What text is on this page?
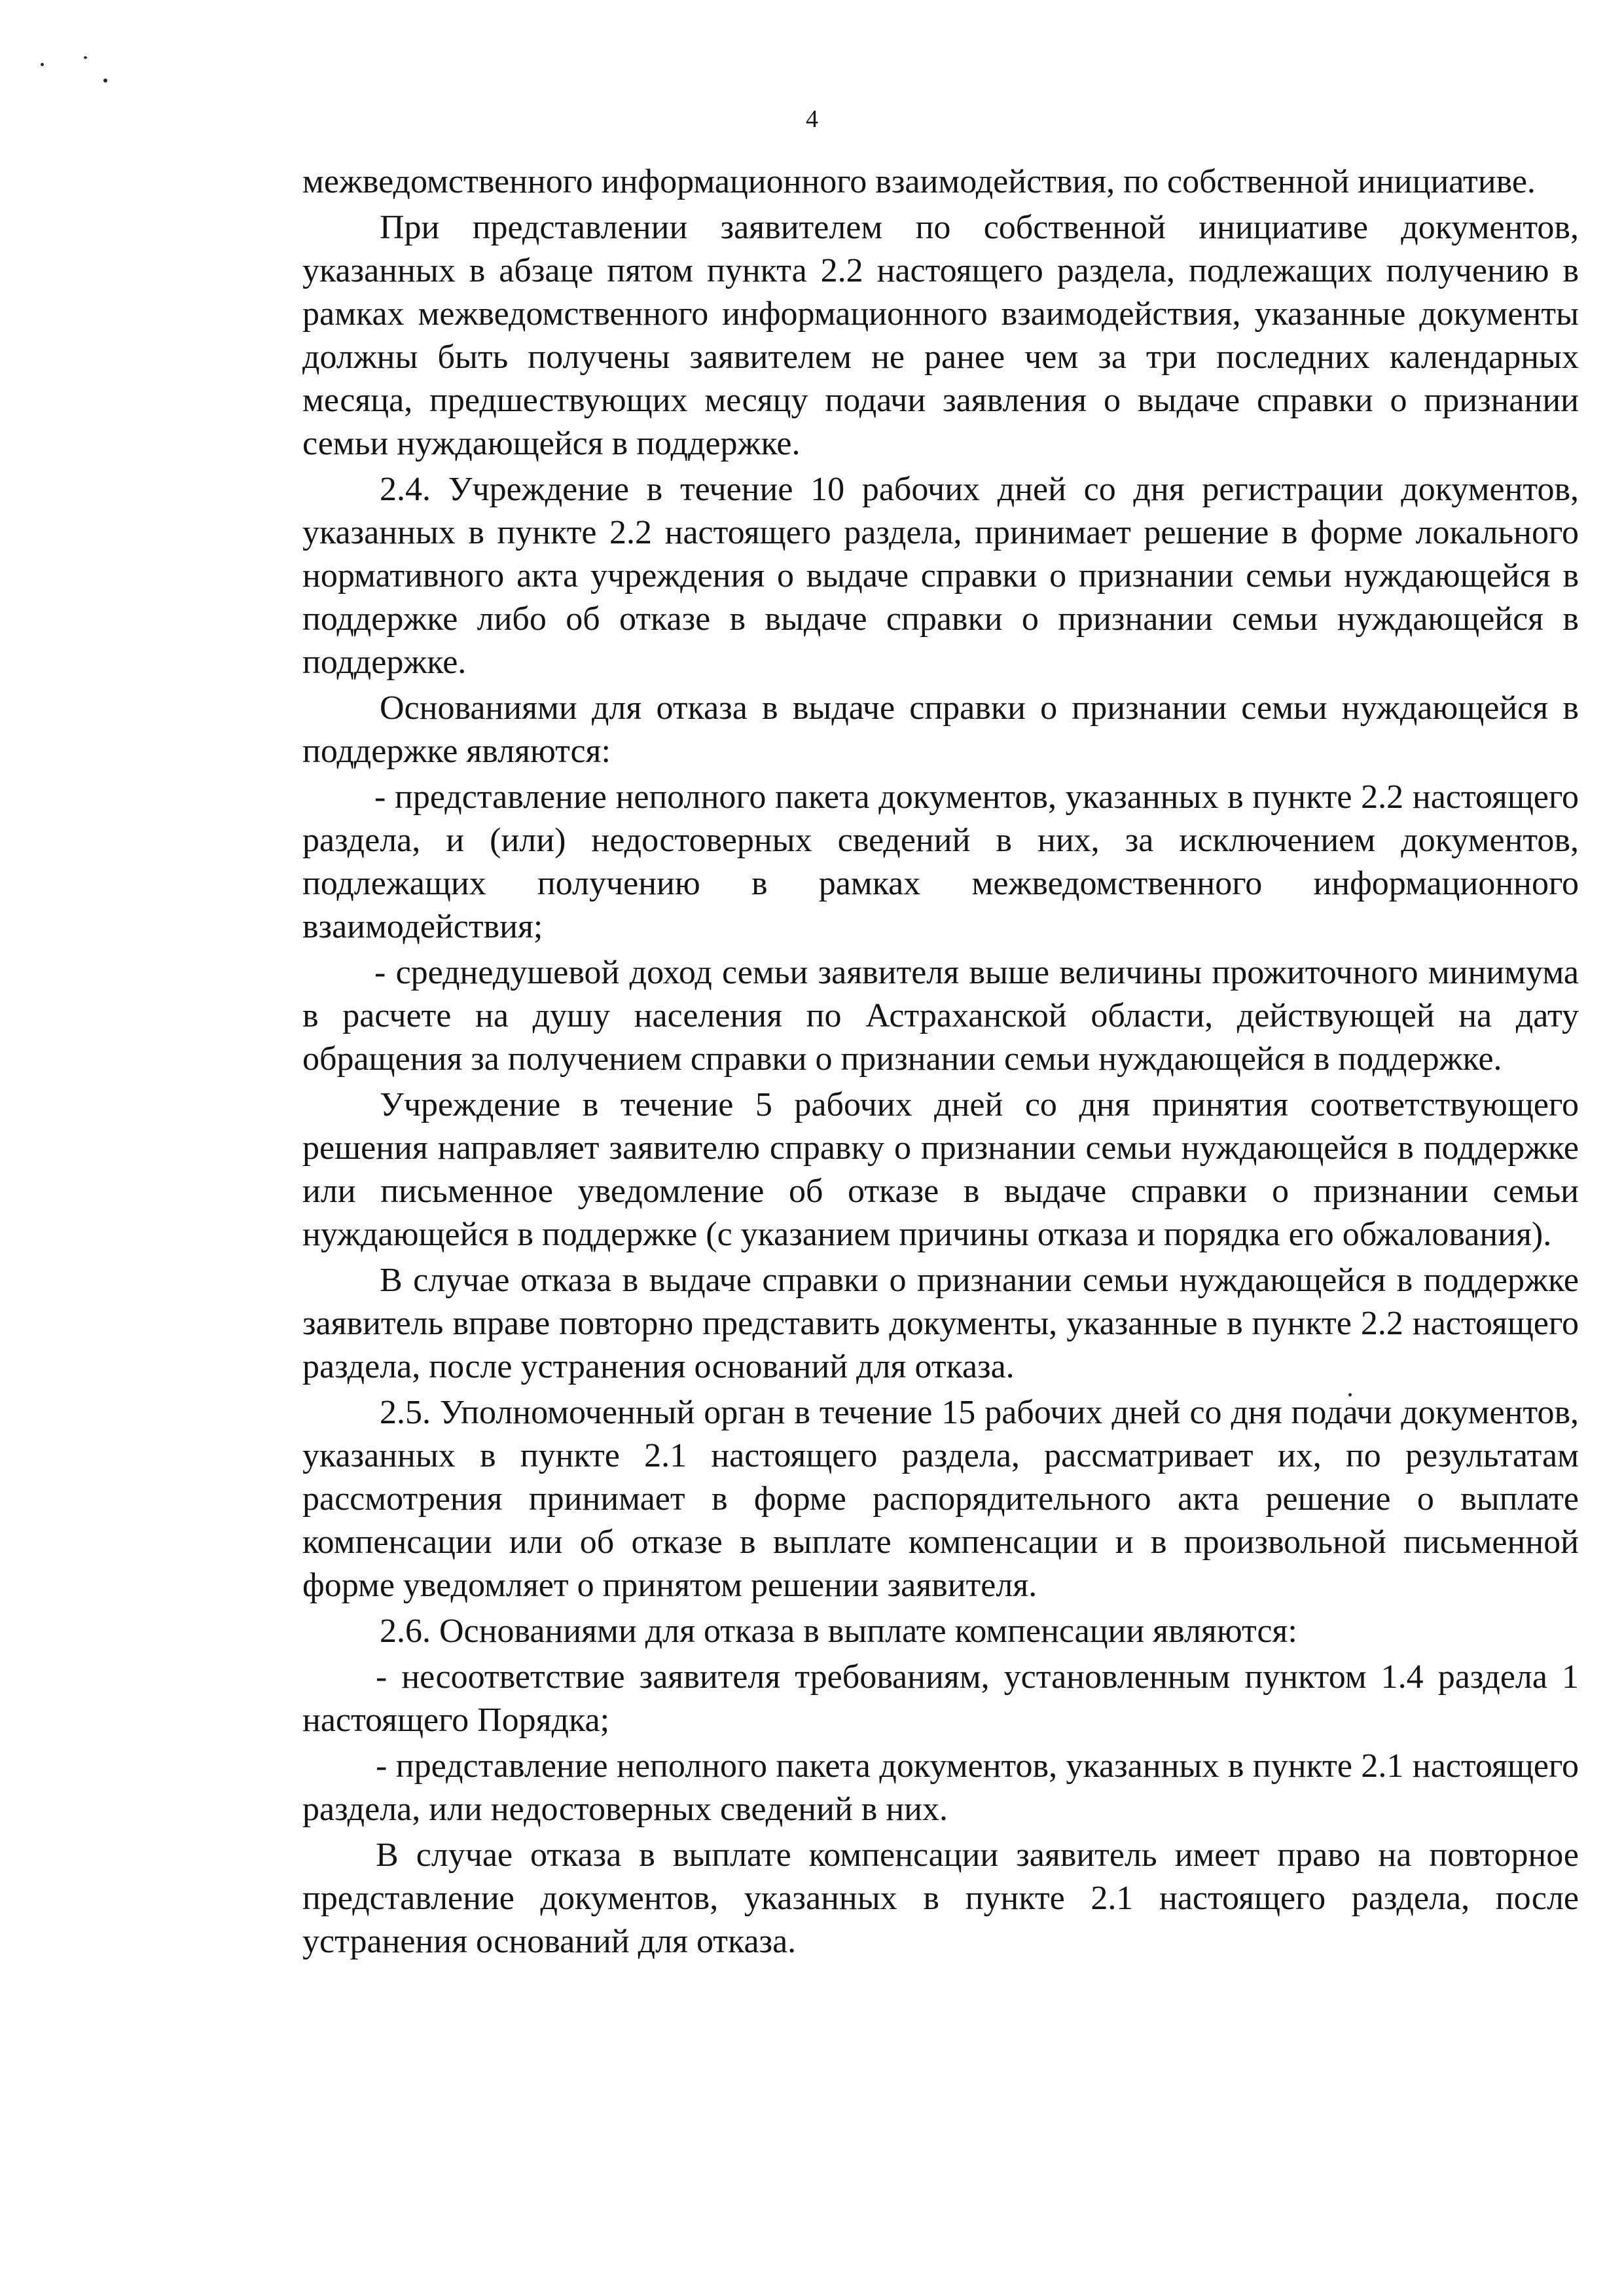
4

межведомственного информационного взаимодействия, по собственной инициативе.

При представлении заявителем по собственной инициативе документов, указанных в абзаце пятом пункта 2.2 настоящего раздела, подлежащих получению в рамках межведомственного информационного взаимодействия, указанные документы должны быть получены заявителем не ранее чем за три последних календарных месяца, предшествующих месяцу подачи заявления о выдаче справки о признании семьи нуждающейся в поддержке.

2.4. Учреждение в течение 10 рабочих дней со дня регистрации документов, указанных в пункте 2.2 настоящего раздела, принимает решение в форме локального нормативного акта учреждения о выдаче справки о признании семьи нуждающейся в поддержке либо об отказе в выдаче справки о признании семьи нуждающейся в поддержке.

Основаниями для отказа в выдаче справки о признании семьи нуждающейся в поддержке являются:

- представление неполного пакета документов, указанных в пункте 2.2 настоящего раздела, и (или) недостоверных сведений в них, за исключением документов, подлежащих получению в рамках межведомственного информационного взаимодействия;

- среднедушевой доход семьи заявителя выше величины прожиточного минимума в расчете на душу населения по Астраханской области, действующей на дату обращения за получением справки о признании семьи нуждающейся в поддержке.

Учреждение в течение 5 рабочих дней со дня принятия соответствующего решения направляет заявителю справку о признании семьи нуждающейся в поддержке или письменное уведомление об отказе в выдаче справки о признании семьи нуждающейся в поддержке (с указанием причины отказа и порядка его обжалования).

В случае отказа в выдаче справки о признании семьи нуждающейся в поддержке заявитель вправе повторно представить документы, указанные в пункте 2.2 настоящего раздела, после устранения оснований для отказа.

2.5. Уполномоченный орган в течение 15 рабочих дней со дня подачи документов, указанных в пункте 2.1 настоящего раздела, рассматривает их, по результатам рассмотрения принимает в форме распорядительного акта решение о выплате компенсации или об отказе в выплате компенсации и в произвольной письменной форме уведомляет о принятом решении заявителя.

2.6. Основаниями для отказа в выплате компенсации являются:

- несоответствие заявителя требованиям, установленным пунктом 1.4 раздела 1 настоящего Порядка;

- представление неполного пакета документов, указанных в пункте 2.1 настоящего раздела, или недостоверных сведений в них.

В случае отказа в выплате компенсации заявитель имеет право на повторное представление документов, указанных в пункте 2.1 настоящего раздела, после устранения оснований для отказа.
